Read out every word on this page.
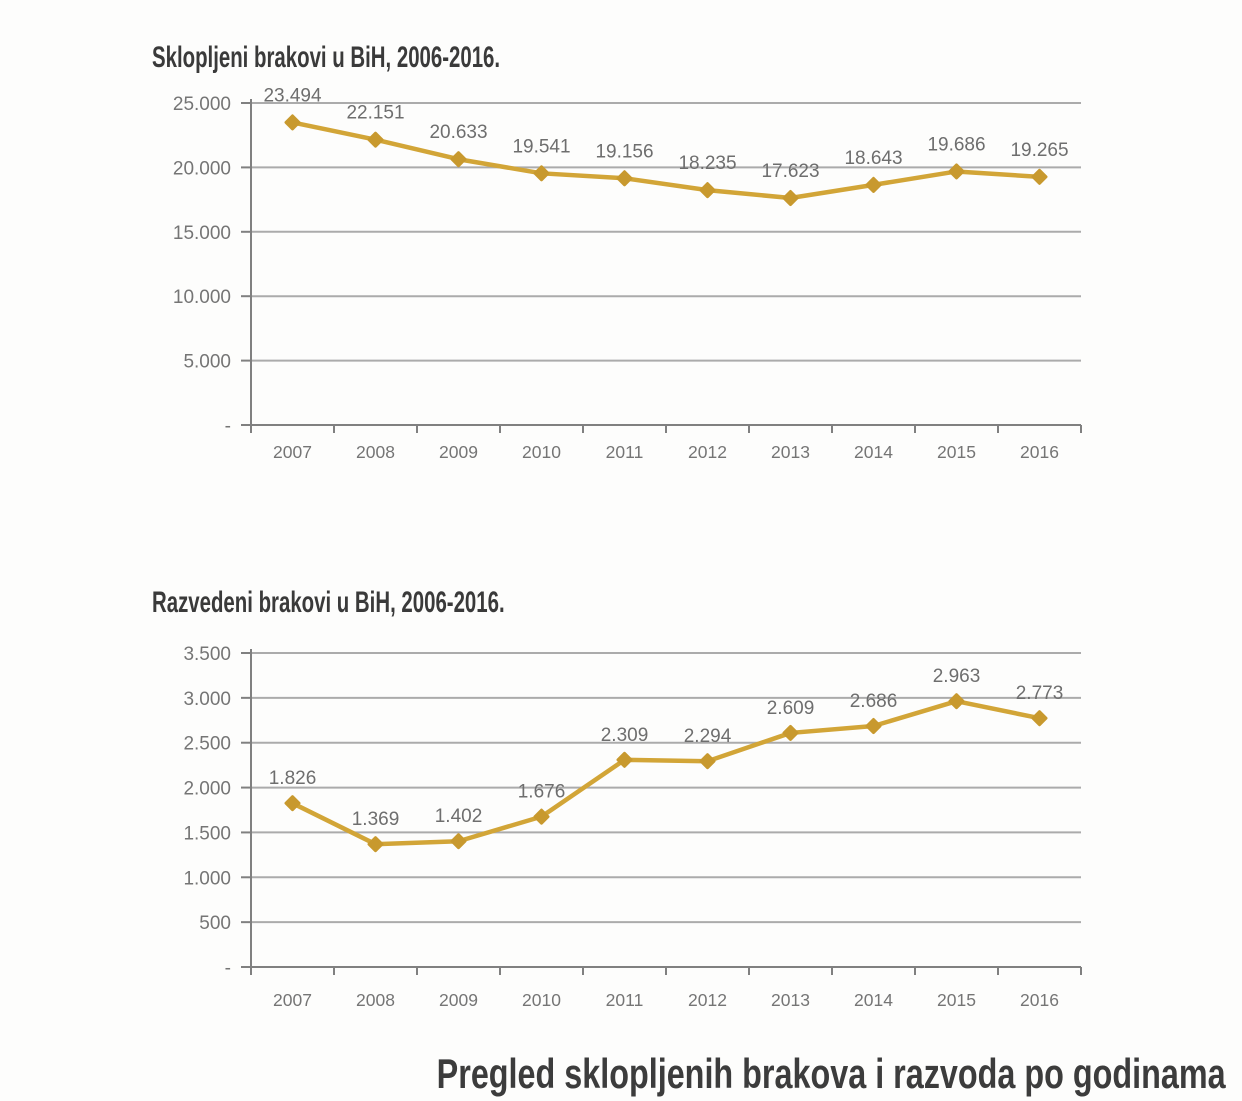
Sklopljeni brakovi u BiH, 2006-2016.
-
5.000
10.000
15.000
20.000
25.000
2007	2008	2009	2010	2011	2012	2013	2014	2015	2016
23.494
22.151
20.633
19.541 19.156
18.235 17.623
18.643
19.686 19.265
Razvedeni brakovi u BiH, 2006-2016.
-
500
1.000
1.500
2.000
2.500
3.000
3.500
2007	2008	2009	2010	2011	2012	2013	2014	2015	2016
1.826
1.369 1.402
1.676
2.309 2.294
2.609 2.686
2.963
2.773
Pregled sklopljenih brakova i razvoda po godinama
